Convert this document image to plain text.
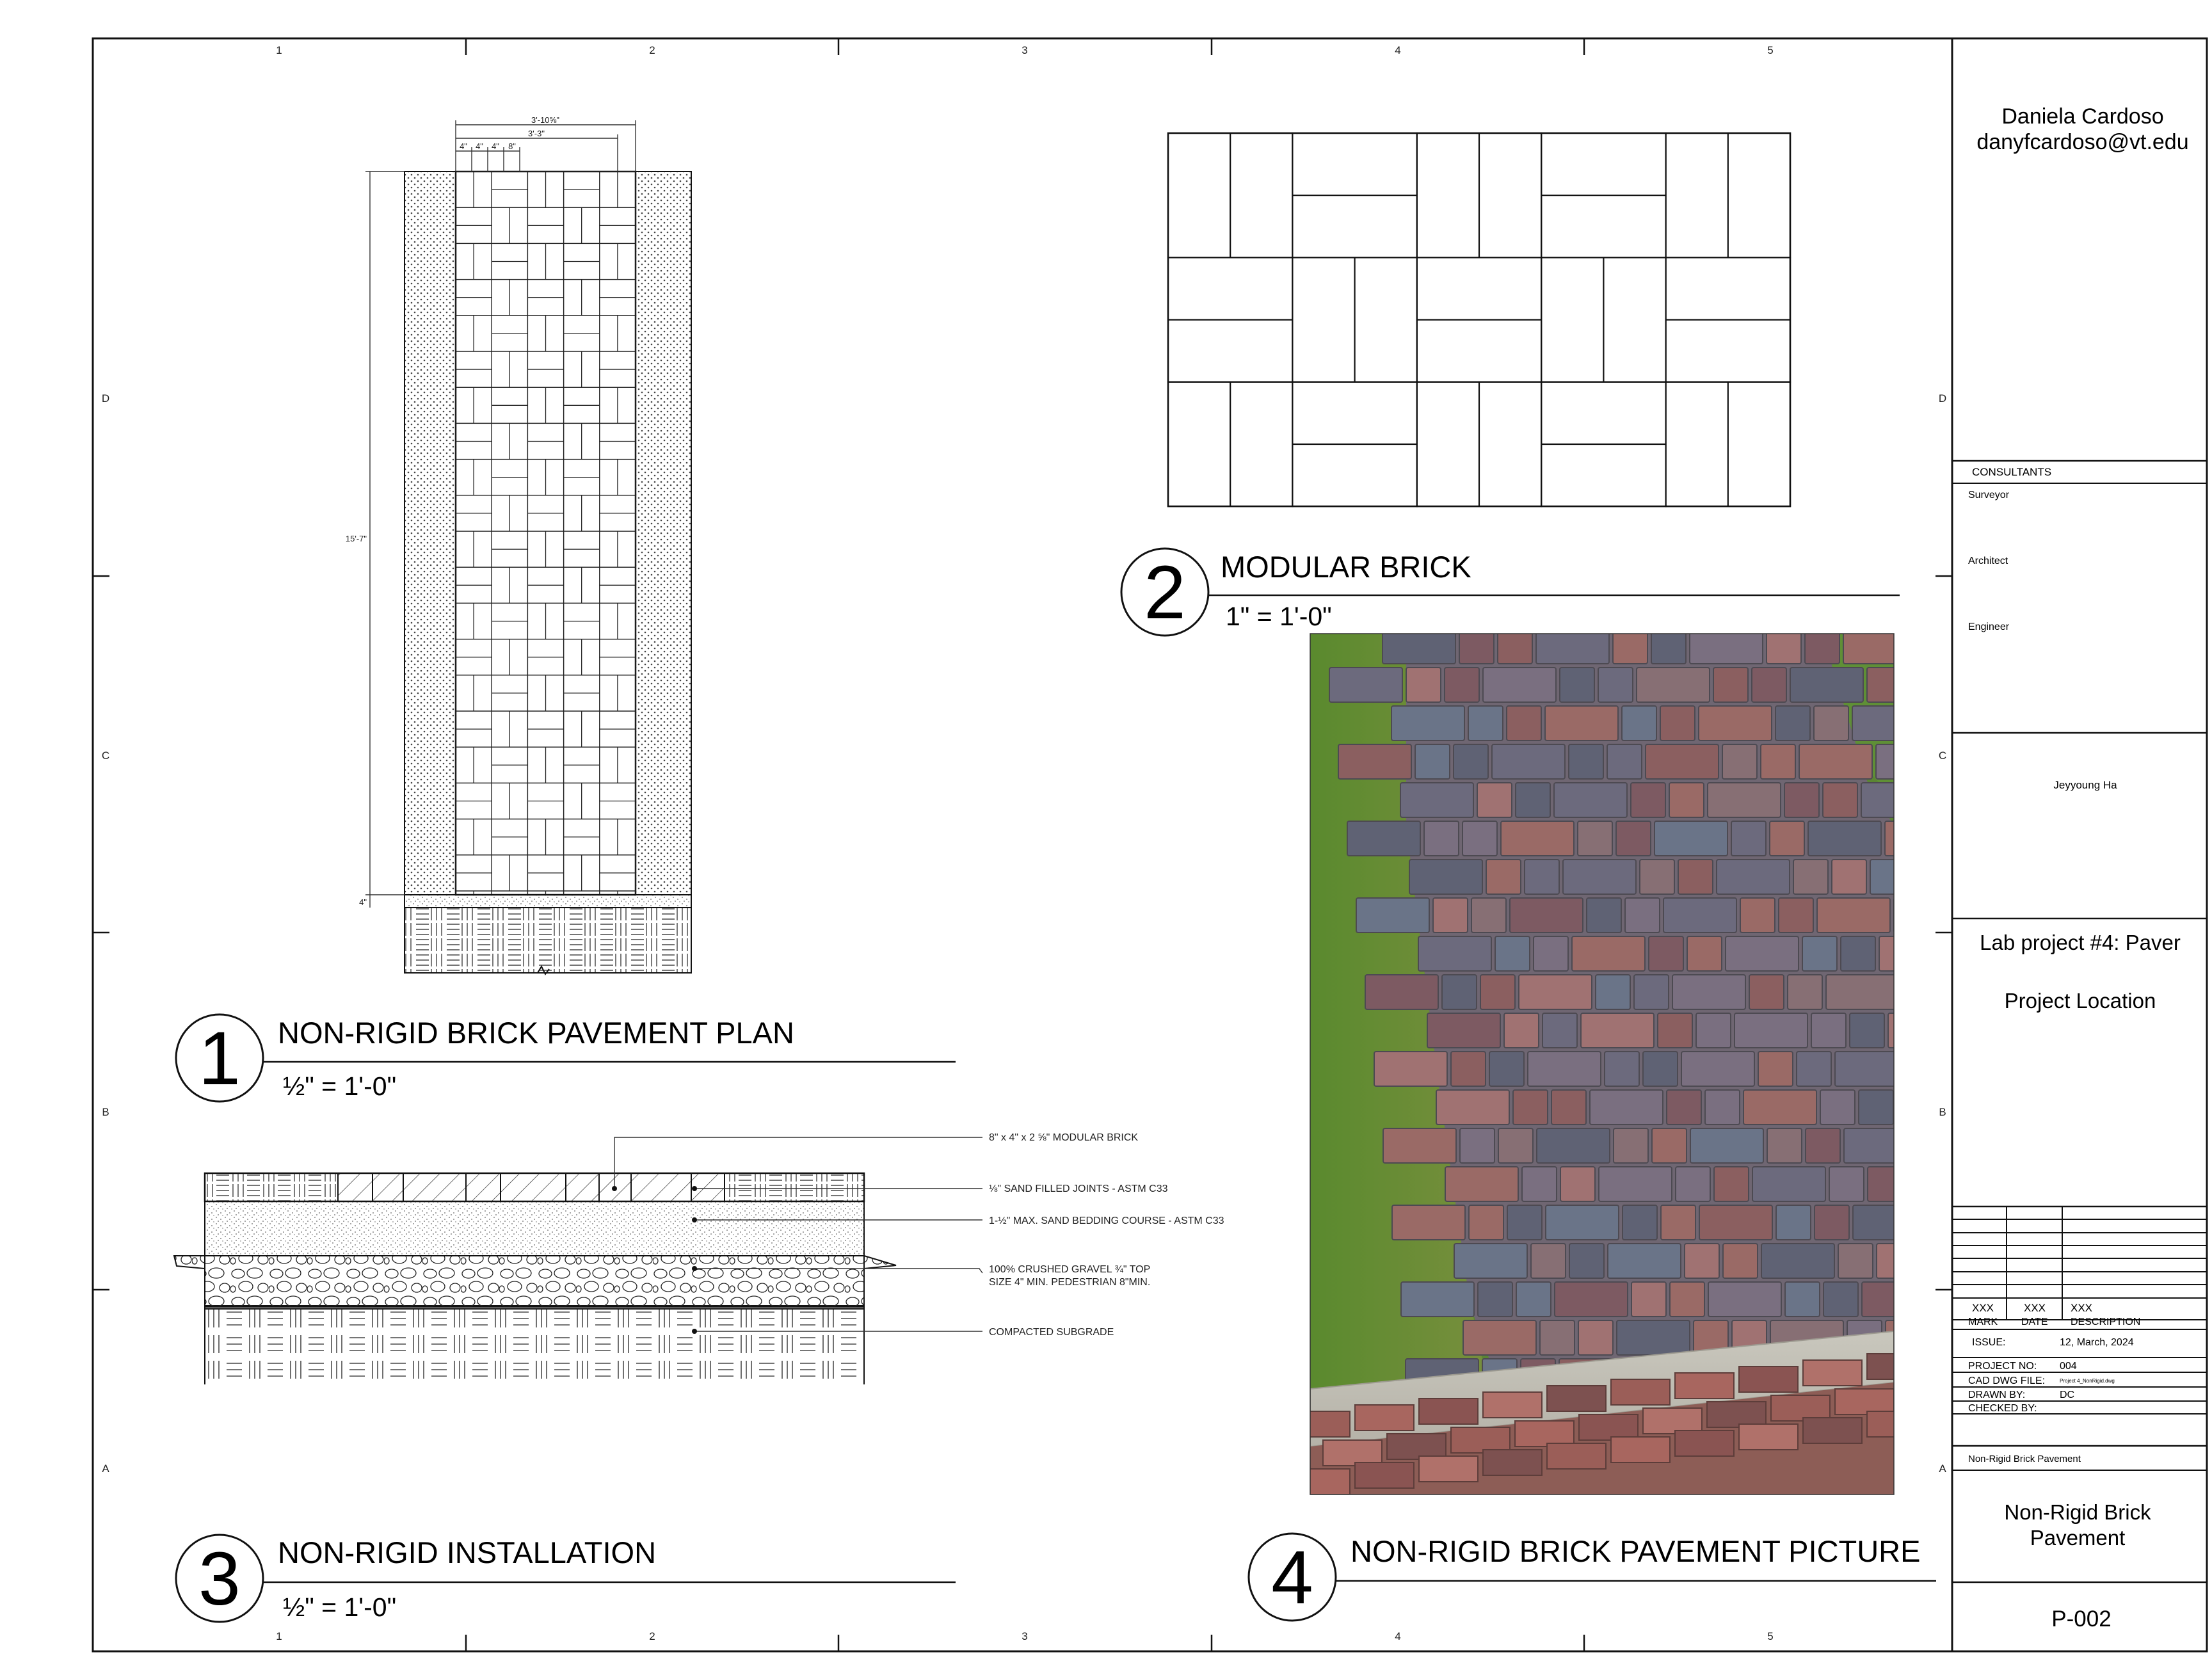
1	2	3	4	5
1	2	3	4	5
D
C
B
A
D
C
B
A
3'-10⅝"
3'-3"
4" 4" 4" 8"
15'-7"
4"
1 NON-RIGID BRICK PAVEMENT PLAN
½" = 1'-0"
2 MODULAR BRICK
1" = 1'-0"
8" x 4" x 2 ⅝" MODULAR BRICK
⅛" SAND FILLED JOINTS - ASTM C33
1-½" MAX. SAND BEDDING COURSE - ASTM C33
100% CRUSHED GRAVEL ¾" TOP
SIZE 4" MIN. PEDESTRIAN 8"MIN.
COMPACTED SUBGRADE
3 NON-RIGID INSTALLATION
½" = 1'-0"	4 NON-RIGID BRICK PAVEMENT PICTURE
Daniela Cardoso
danyfcardoso@vt.edu
CONSULTANTS
Surveyor
Architect
Engineer
Jeyyoung Ha
Lab project #4: Paver
Project Location
XXX	XXX XXX
MARK DATE DESCRIPTION
ISSUE:	12, March, 2024
PROJECT NO: 004
CAD DWG FILE:	Project 4_NonRigid.dwg
DRAWN BY:	DC
CHECKED BY:
Non-Rigid Brick Pavement
Non-Rigid Brick
Pavement
P-002
